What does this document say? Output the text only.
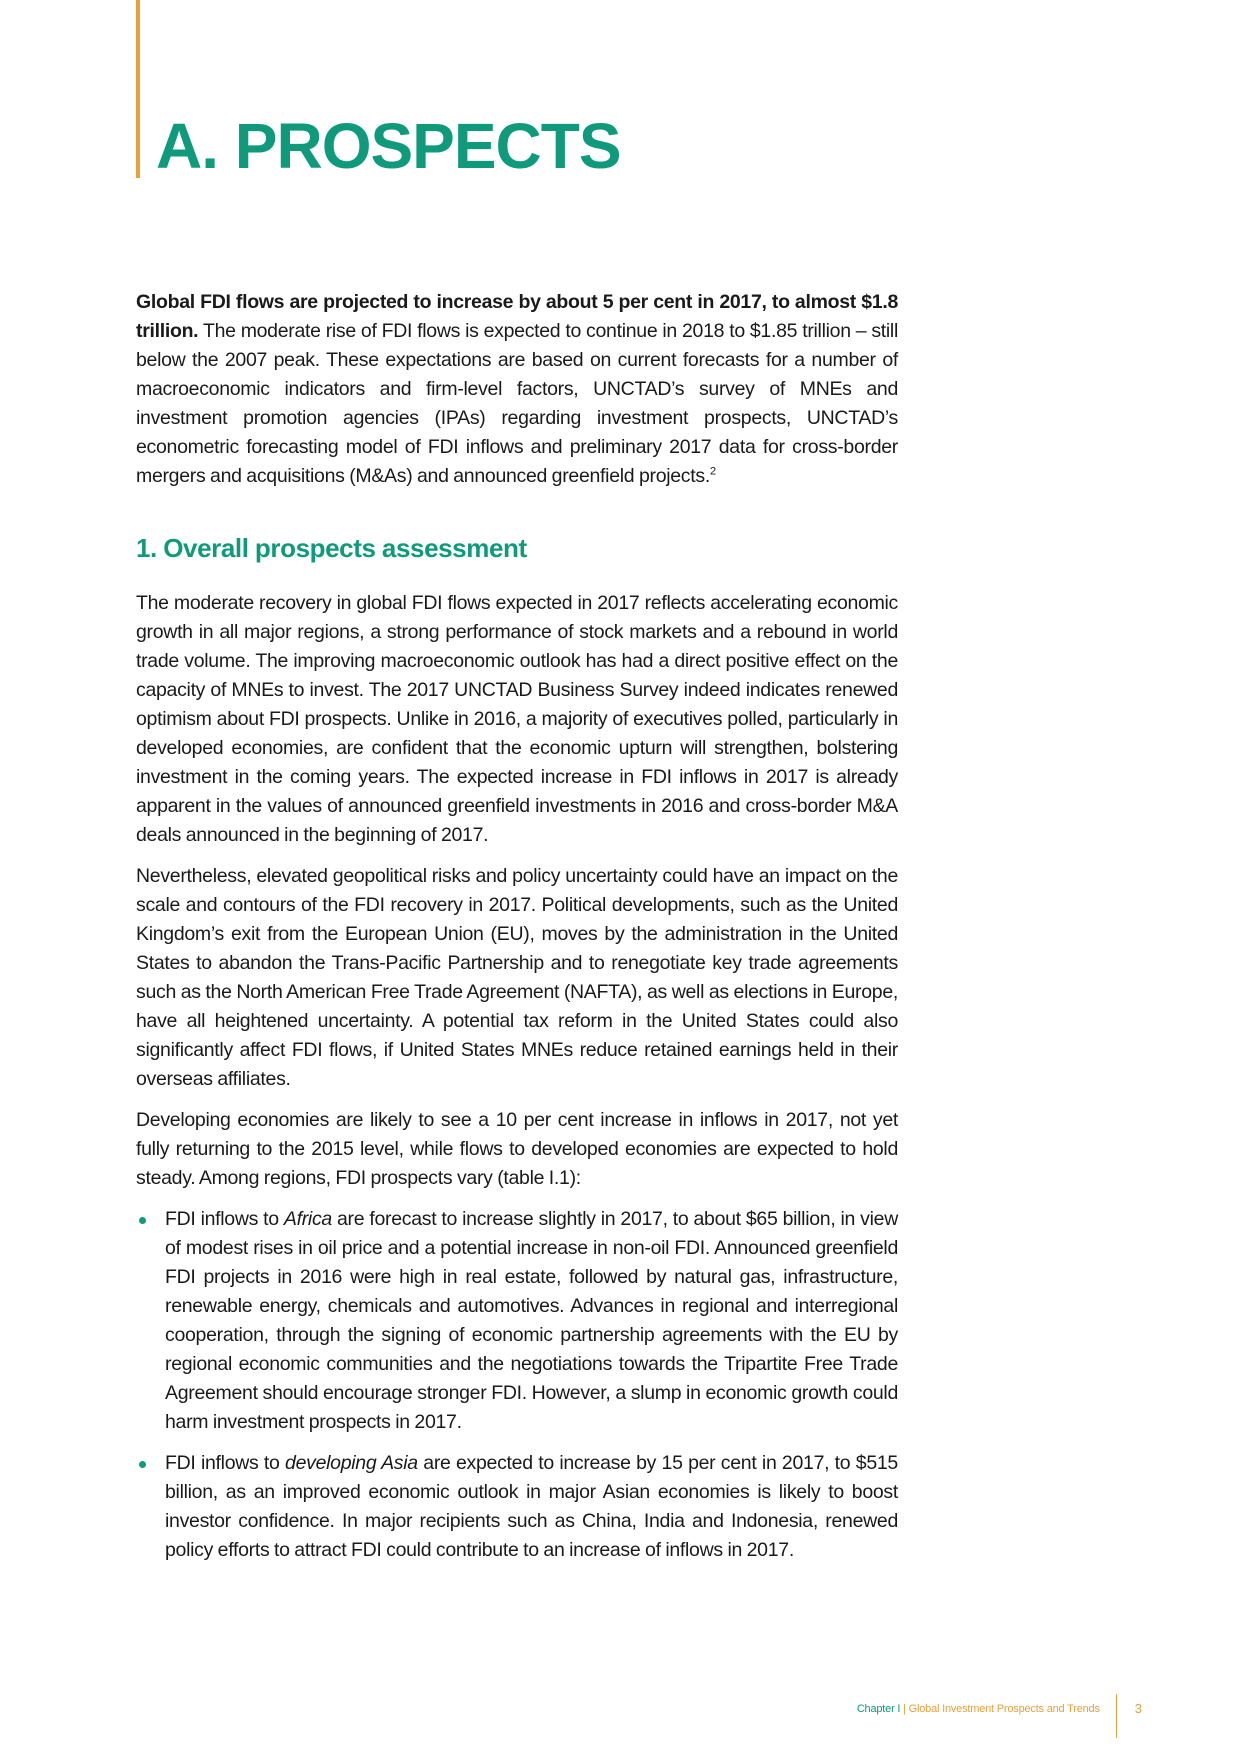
A. PROSPECTS

Global FDI flows are projected to increase by about 5 per cent in 2017, to almost $1.8 trillion. The moderate rise of FDI flows is expected to continue in 2018 to $1.85 trillion – still below the 2007 peak. These expectations are based on current forecasts for a number of macroeconomic indicators and firm-level factors, UNCTAD’s survey of MNEs and investment promotion agencies (IPAs) regarding investment prospects, UNCTAD’s econometric forecasting model of FDI inflows and preliminary 2017 data for cross-border mergers and acquisitions (M&As) and announced greenfield projects.$^2$

1. Overall prospects assessment

The moderate recovery in global FDI flows expected in 2017 reflects accelerating economic growth in all major regions, a strong performance of stock markets and a rebound in world trade volume. The improving macroeconomic outlook has had a direct positive effect on the capacity of MNEs to invest. The 2017 UNCTAD Business Survey indeed indicates renewed optimism about FDI prospects. Unlike in 2016, a majority of executives polled, particularly in developed economies, are confident that the economic upturn will strengthen, bolstering investment in the coming years. The expected increase in FDI inflows in 2017 is already apparent in the values of announced greenfield investments in 2016 and cross-border M&A deals announced in the beginning of 2017.

Nevertheless, elevated geopolitical risks and policy uncertainty could have an impact on the scale and contours of the FDI recovery in 2017. Political developments, such as the United Kingdom’s exit from the European Union (EU), moves by the administration in the United States to abandon the Trans-Pacific Partnership and to renegotiate key trade agreements such as the North American Free Trade Agreement (NAFTA), as well as elections in Europe, have all heightened uncertainty. A potential tax reform in the United States could also significantly affect FDI flows, if United States MNEs reduce retained earnings held in their overseas affiliates.

Developing economies are likely to see a 10 per cent increase in inflows in 2017, not yet fully returning to the 2015 level, while flows to developed economies are expected to hold steady. Among regions, FDI prospects vary (table I.1):

FDI inflows to Africa are forecast to increase slightly in 2017, to about $65 billion, in view of modest rises in oil price and a potential increase in non-oil FDI. Announced greenfield FDI projects in 2016 were high in real estate, followed by natural gas, infrastructure, renewable energy, chemicals and automotives. Advances in regional and interregional cooperation, through the signing of economic partnership agreements with the EU by regional economic communities and the negotiations towards the Tripartite Free Trade Agreement should encourage stronger FDI. However, a slump in economic growth could harm investment prospects in 2017.
FDI inflows to developing Asia are expected to increase by 15 per cent in 2017, to $515 billion, as an improved economic outlook in major Asian economies is likely to boost investor confidence. In major recipients such as China, India and Indonesia, renewed policy efforts to attract FDI could contribute to an increase of inflows in 2017.
Chapter I | Global Investment Prospects and Trends	3
